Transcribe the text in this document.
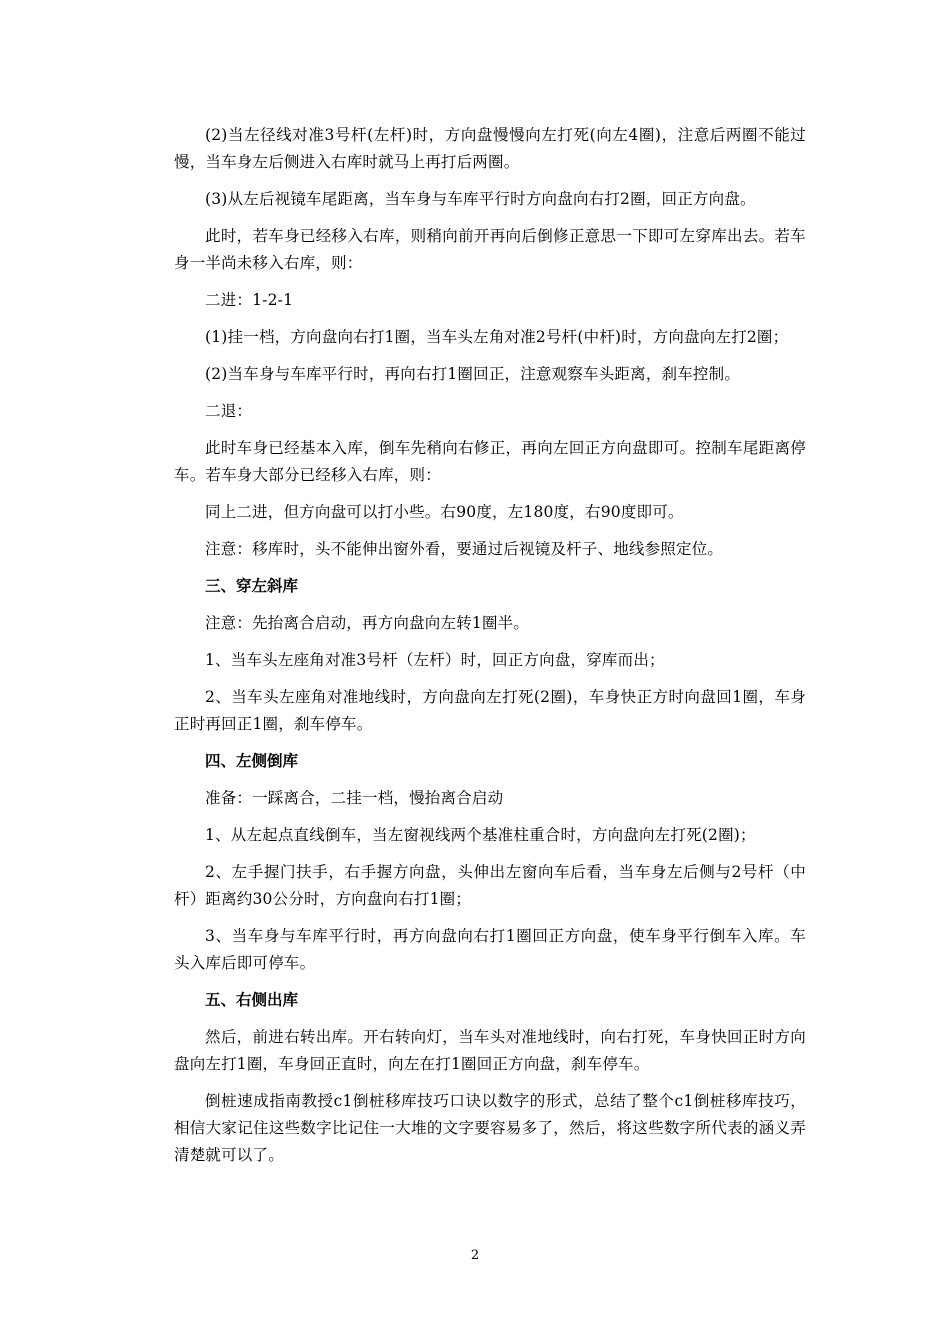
(2)当左径线对准3号杆(左杆)时，方向盘慢慢向左打死(向左4圈)，注意后两圈不能过慢，当车身左后侧进入右库时就马上再打后两圈。

(3)从左后视镜车尾距离，当车身与车库平行时方向盘向右打2圈，回正方向盘。

此时，若车身已经移入右库，则稍向前开再向后倒修正意思一下即可左穿库出去。若车身一半尚未移入右库，则：

二进：1-2-1

(1)挂一档，方向盘向右打1圈，当车头左角对准2号杆(中杆)时，方向盘向左打2圈；

(2)当车身与车库平行时，再向右打1圈回正，注意观察车头距离，刹车控制。

二退：

此时车身已经基本入库，倒车先稍向右修正，再向左回正方向盘即可。控制车尾距离停车。若车身大部分已经移入右库，则：

同上二进，但方向盘可以打小些。右90度，左180度，右90度即可。

注意：移库时，头不能伸出窗外看，要通过后视镜及杆子、地线参照定位。

三、穿左斜库

注意：先抬离合启动，再方向盘向左转1圈半。

1、当车头左座角对准3号杆（左杆）时，回正方向盘，穿库而出；

2、当车头左座角对准地线时，方向盘向左打死(2圈)，车身快正方时向盘回1圈，车身正时再回正1圈，刹车停车。

四、左侧倒库

准备：一踩离合，二挂一档，慢抬离合启动

1、从左起点直线倒车，当左窗视线两个基准柱重合时，方向盘向左打死(2圈)；

2、左手握门扶手，右手握方向盘，头伸出左窗向车后看，当车身左后侧与2号杆（中杆）距离约30公分时，方向盘向右打1圈；

3、当车身与车库平行时，再方向盘向右打1圈回正方向盘，使车身平行倒车入库。车头入库后即可停车。

五、右侧出库

然后，前进右转出库。开右转向灯，当车头对准地线时，向右打死，车身快回正时方向盘向左打1圈，车身回正直时，向左在打1圈回正方向盘，刹车停车。

倒桩速成指南教授c1倒桩移库技巧口诀以数字的形式，总结了整个c1倒桩移库技巧，相信大家记住这些数字比记住一大堆的文字要容易多了，然后，将这些数字所代表的涵义弄清楚就可以了。

2
